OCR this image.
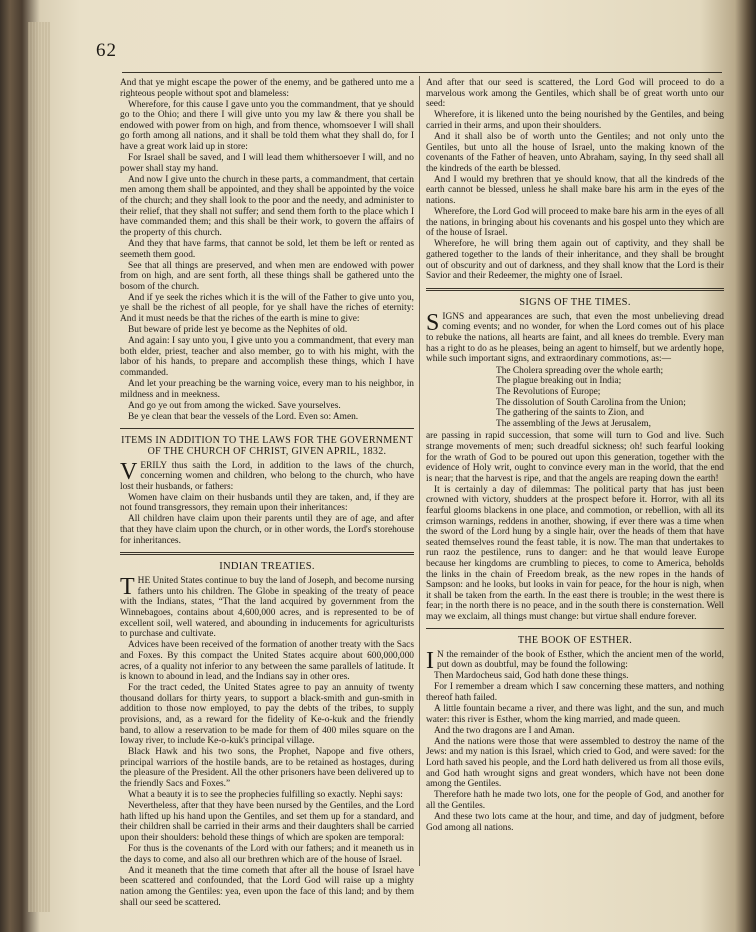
62

And that ye might escape the power of the enemy, and be gathered unto me a righteous people without spot and blameless:

Wherefore, for this cause I gave unto you the commandment, that ye should go to the Ohio; and there I will give unto you my law & there you shall be endowed with power from on high, and from thence, whomsoever I will shall go forth among all nations, and it shall be told them what they shall do, for I have a great work laid up in store:

For Israel shall be saved, and I will lead them whithersoever I will, and no power shall stay my hand.

And now I give unto the church in these parts, a commandment, that certain men among them shall be appointed, and they shall be appointed by the voice of the church; and they shall look to the poor and the needy, and administer to their relief, that they shall not suffer; and send them forth to the place which I have commanded them; and this shall be their work, to govern the affairs of the property of this church.

And they that have farms, that cannot be sold, let them be left or rented as seemeth them good.

See that all things are preserved, and when men are endowed with power from on high, and are sent forth, all these things shall be gathered unto the bosom of the church.

And if ye seek the riches which it is the will of the Father to give unto you, ye shall be the richest of all people, for ye shall have the riches of eternity: And it must needs be that the riches of the earth is mine to give:

But beware of pride lest ye become as the Nephites of old.

And again: I say unto you, I give unto you a commandment, that every man both elder, priest, teacher and also member, go to with his might, with the labor of his hands, to prepare and accomplish these things, which I have commanded.

And let your preaching be the warning voice, every man to his neighbor, in mildness and in meekness.

And go ye out from among the wicked. Save yourselves.

Be ye clean that bear the vessels of the Lord. Even so: Amen.

ITEMS IN ADDITION TO THE LAWS FOR THE GOVERNMENT OF THE CHURCH OF CHRIST, GIVEN APRIL, 1832.

VERILY thus saith the Lord, in addition to the laws of the church, concerning women and children, who belong to the church, who have lost their husbands, or fathers:

Women have claim on their husbands until they are taken, and, if they are not found transgressors, they remain upon their inheritances:

All children have claim upon their parents until they are of age, and after that they have claim upon the church, or in other words, the Lord's storehouse for inheritances.

INDIAN TREATIES.

THE United States continue to buy the land of Joseph, and become nursing fathers unto his children. The Globe in speaking of the treaty of peace with the Indians, states, “That the land acquired by government from the Winnebagoes, contains about 4,600,000 acres, and is represented to be of excellent soil, well watered, and abounding in inducements for agriculturists to purchase and cultivate.

Advices have been received of the formation of another treaty with the Sacs and Foxes. By this compact the United States acquire about 600,000,000 acres, of a quality not inferior to any between the same parallels of latitude. It is known to abound in lead, and the Indians say in other ores.

For the tract ceded, the United States agree to pay an annuity of twenty thousand dollars for thirty years, to support a black-smith and gun-smith in addition to those now employed, to pay the debts of the tribes, to supply provisions, and, as a reward for the fidelity of Ke-o-kuk and the friendly band, to allow a reservation to be made for them of 400 miles square on the Ioway river, to include Ke-o-kuk's principal village.

Black Hawk and his two sons, the Prophet, Napope and five others, principal warriors of the hostile bands, are to be retained as hostages, during the pleasure of the President. All the other prisoners have been delivered up to the friendly Sacs and Foxes.”

What a beauty it is to see the prophecies fulfilling so exactly. Nephi says:

Nevertheless, after that they have been nursed by the Gentiles, and the Lord hath lifted up his hand upon the Gentiles, and set them up for a standard, and their children shall be carried in their arms and their daughters shall be carried upon their shoulders: behold these things of which are spoken are temporal:

For thus is the covenants of the Lord with our fathers; and it meaneth us in the days to come, and also all our brethren which are of the house of Israel.

And it meaneth that the time cometh that after all the house of Israel have been scattered and confounded, that the Lord God will raise up a mighty nation among the Gentiles: yea, even upon the face of this land; and by them shall our seed be scattered.

And after that our seed is scattered, the Lord God will proceed to do a marvelous work among the Gentiles, which shall be of great worth unto our seed:

Wherefore, it is likened unto the being nourished by the Gentiles, and being carried in their arms, and upon their shoulders.

And it shall also be of worth unto the Gentiles; and not only unto the Gentiles, but unto all the house of Israel, unto the making known of the covenants of the Father of heaven, unto Abraham, saying, In thy seed shall all the kindreds of the earth be blessed.

And I would my brethren that ye should know, that all the kindreds of the earth cannot be blessed, unless he shall make bare his arm in the eyes of the nations.

Wherefore, the Lord God will proceed to make bare his arm in the eyes of all the nations, in bringing about his covenants and his gospel unto they which are of the house of Israel.

Wherefore, he will bring them again out of captivity, and they shall be gathered together to the lands of their inheritance, and they shall be brought out of obscurity and out of darkness, and they shall know that the Lord is their Savior and their Redeemer, the mighty one of Israel.

SIGNS OF THE TIMES.

SIGNS and appearances are such, that even the most unbelieving dread coming events; and no wonder, for when the Lord comes out of his place to rebuke the nations, all hearts are faint, and all knees do tremble. Every man has a right to do as he pleases, being an agent to himself, but we ardently hope, while such important signs, and extraordinary commotions, as:—

The Cholera spreading over the whole earth;
The plague breaking out in India;
The Revolutions of Europe;
The dissolution of South Carolina from the Union;
The gathering of the saints to Zion, and
The assembling of the Jews at Jerusalem,

are passing in rapid succession, that some will turn to God and live. Such strange movements of men; such dreadful sickness; oh! such fearful looking for the wrath of God to be poured out upon this generation, together with the evidence of Holy writ, ought to convince every man in the world, that the end is near; that the harvest is ripe, and that the angels are reaping down the earth!

It is certainly a day of dilemmas: The political party that has just been crowned with victory, shudders at the prospect before it. Horror, with all its fearful glooms blackens in one place, and commotion, or rebellion, with all its crimson warnings, reddens in another, showing, if ever there was a time when the sword of the Lord hung by a single hair, over the heads of them that have seated themselves round the feast table, it is now. The man that undertakes to run raoz the pestilence, runs to danger: and he that would leave Europe because her kingdoms are crumbling to pieces, to come to America, beholds the links in the chain of Freedom break, as the new ropes in the hands of Sampson: and he looks, but looks in vain for peace, for the hour is nigh, when it shall be taken from the earth. In the east there is trouble; in the west there is fear; in the north there is no peace, and in the south there is consternation. Well may we exclaim, all things must change: but virtue shall endure forever.

THE BOOK OF ESTHER.

I N the remainder of the book of Esther, which the ancient men of the world, put down as doubtful, may be found the following:

Then Mardocheus said, God hath done these things.

For I remember a dream which I saw concerning these matters, and nothing thereof hath failed.

A little fountain became a river, and there was light, and the sun, and much water: this river is Esther, whom the king married, and made queen.

And the two dragons are I and Aman.

And the nations were those that were assembled to destroy the name of the Jews: and my nation is this Israel, which cried to God, and were saved: for the Lord hath saved his people, and the Lord hath delivered us from all those evils, and God hath wrought signs and great wonders, which have not been done among the Gentiles.

Therefore hath he made two lots, one for the people of God, and another for all the Gentiles.

And these two lots came at the hour, and time, and day of judgment, before God among all nations.
